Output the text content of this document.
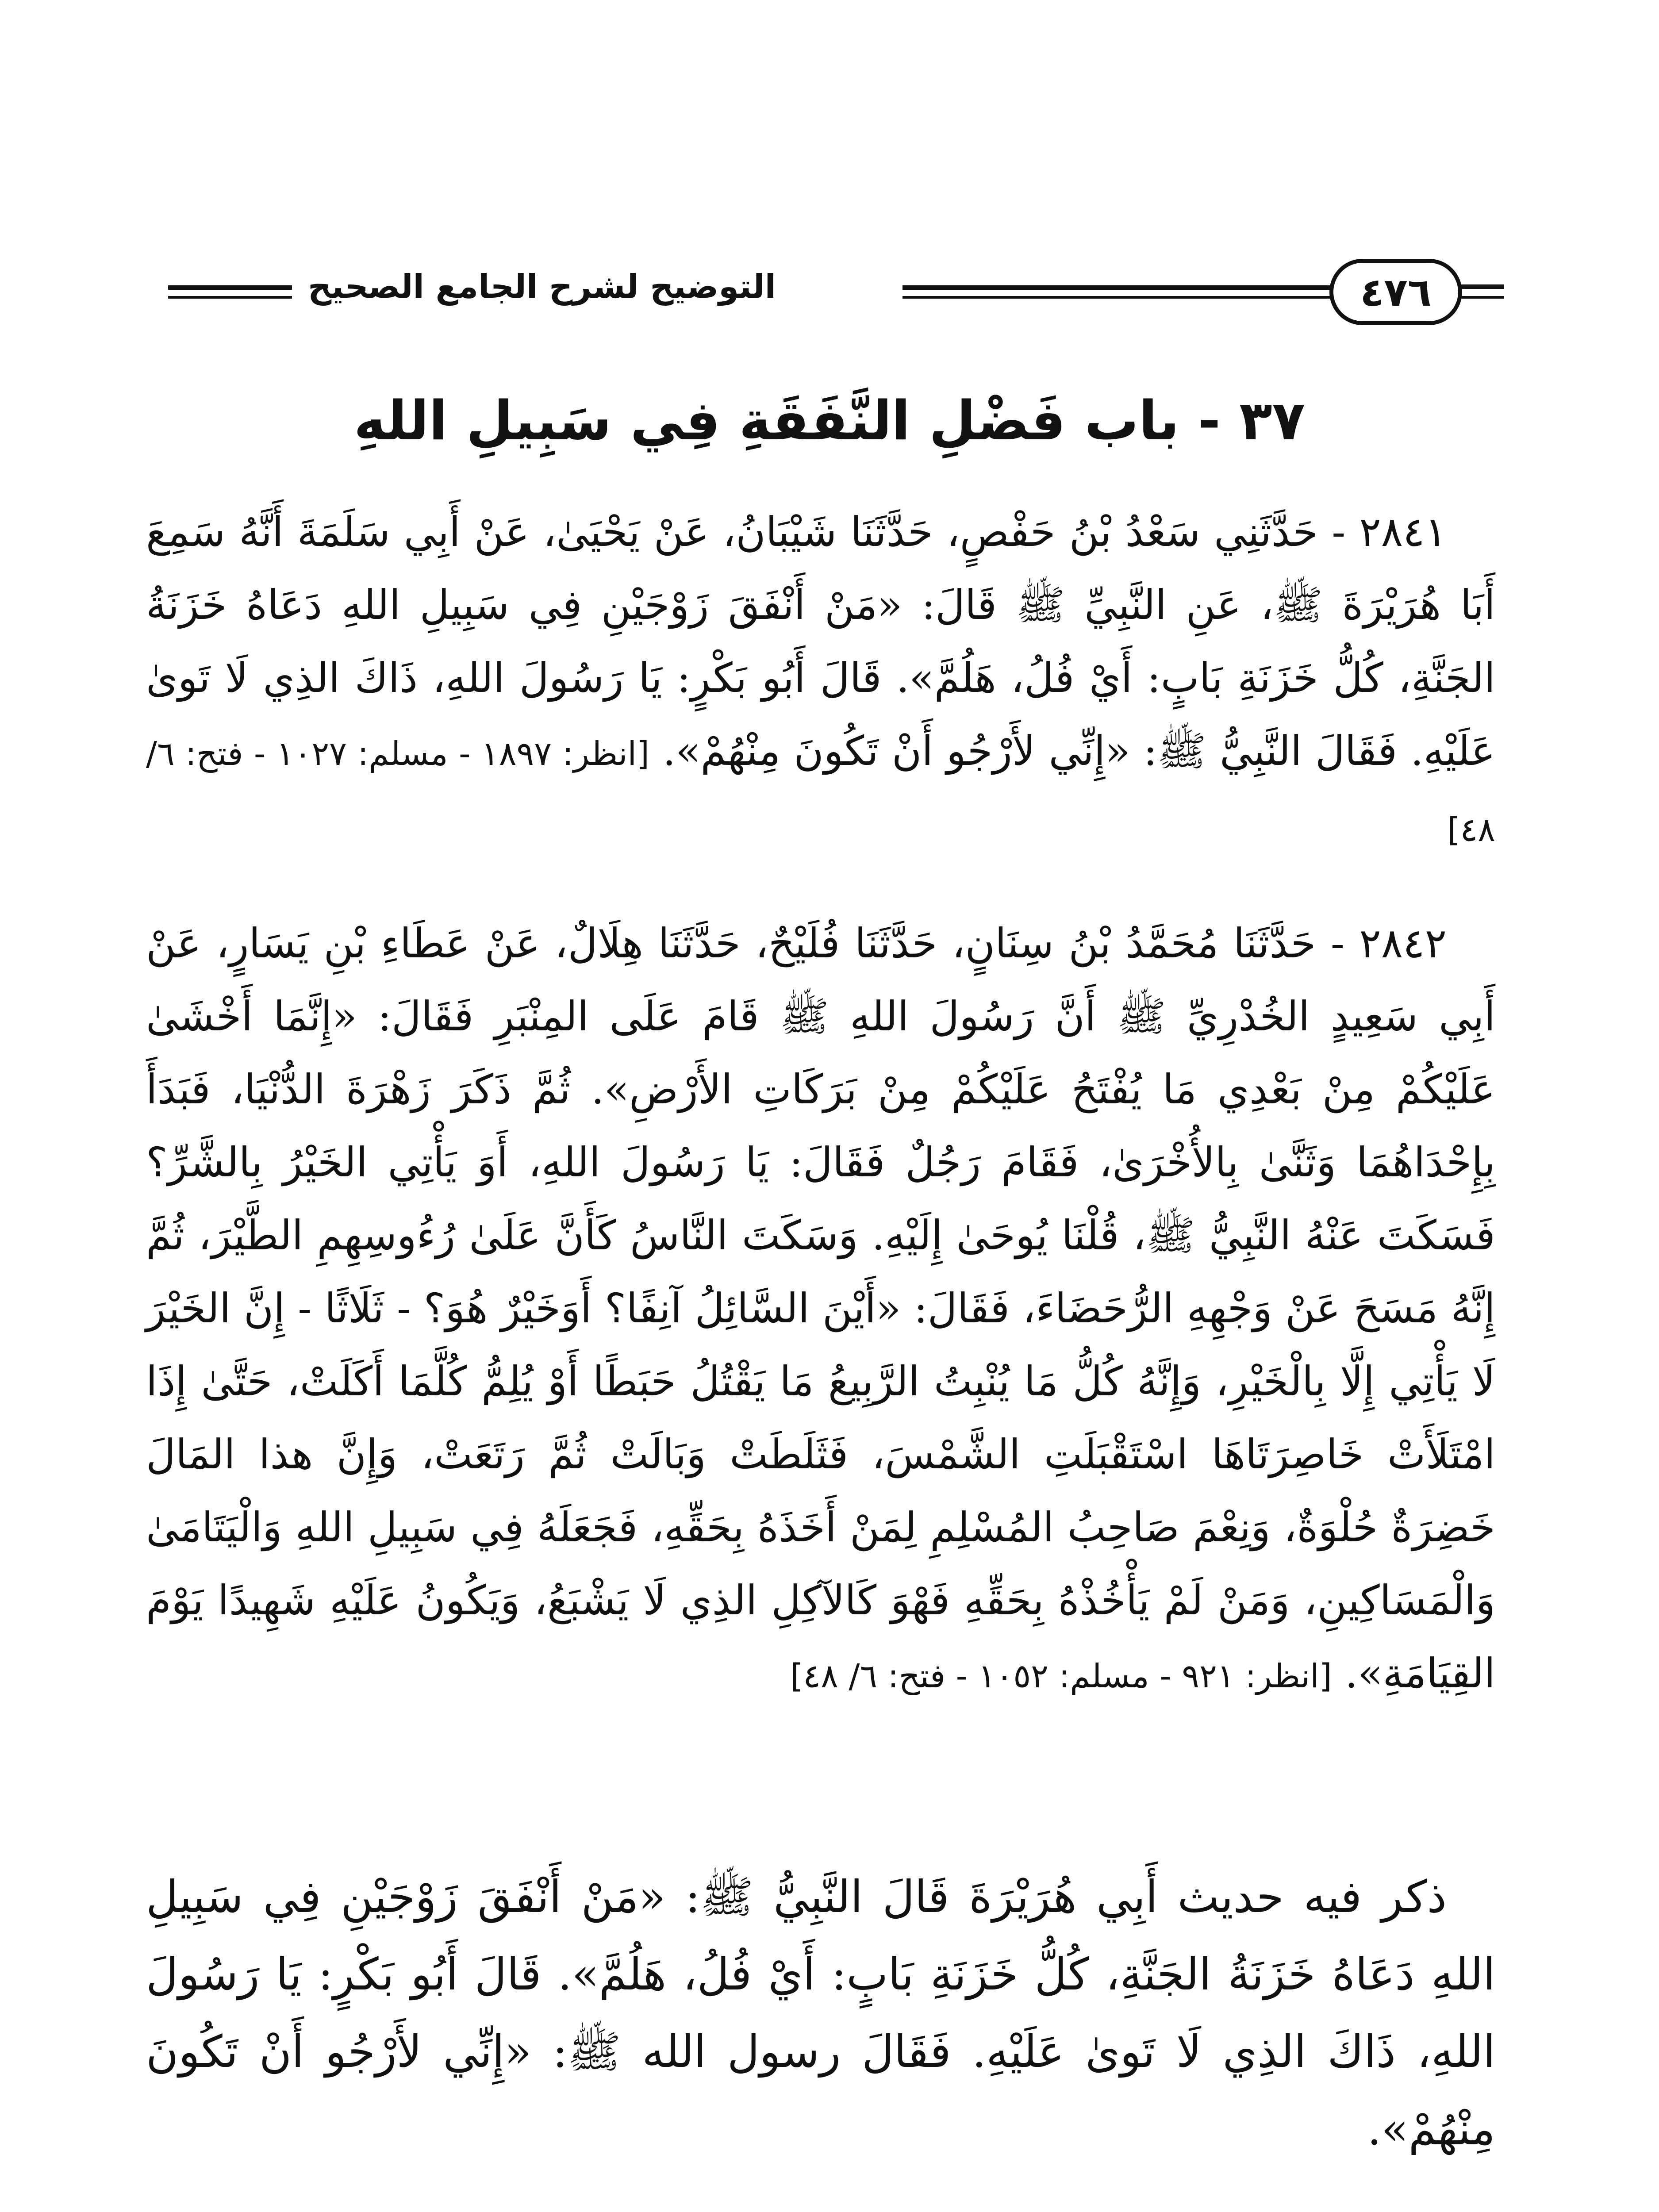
التوضيح لشرح الجامع الصحيح	٤٧٦
٣٧ - باب فَضْلِ النَّفَقَةِ فِي سَبِيلِ اللهِ

٢٨٤١ - حَدَّثَنِي سَعْدُ بْنُ حَفْصٍ، حَدَّثَنَا شَيْبَانُ، عَنْ يَحْيَىٰ، عَنْ أَبِي سَلَمَةَ أَنَّهُ سَمِعَ أَبَا هُرَيْرَةَ ﷺ، عَنِ النَّبِيِّ ﷺ قَالَ: «مَنْ أَنْفَقَ زَوْجَيْنِ فِي سَبِيلِ اللهِ دَعَاهُ خَزَنَةُ الجَنَّةِ، كُلُّ خَزَنَةِ بَابٍ: أَيْ فُلُ، هَلُمَّ». قَالَ أَبُو بَكْرٍ: يَا رَسُولَ اللهِ، ذَاكَ الذِي لَا تَوىٰ عَلَيْهِ. فَقَالَ النَّبِيُّ ﷺ: «إِنِّي لأَرْجُو أَنْ تَكُونَ مِنْهُمْ». [انظر: ١٨٩٧ - مسلم: ١٠٢٧ - فتح: ٦/ ٤٨]

٢٨٤٢ - حَدَّثَنَا مُحَمَّدُ بْنُ سِنَانٍ، حَدَّثَنَا فُلَيْحٌ، حَدَّثَنَا هِلَالٌ، عَنْ عَطَاءِ بْنِ يَسَارٍ، عَنْ أَبِي سَعِيدٍ الخُدْرِيِّ ﷺ أَنَّ رَسُولَ اللهِ ﷺ قَامَ عَلَى المِنْبَرِ فَقَالَ: «إِنَّمَا أَخْشَىٰ عَلَيْكُمْ مِنْ بَعْدِي مَا يُفْتَحُ عَلَيْكُمْ مِنْ بَرَكَاتِ الأَرْضِ». ثُمَّ ذَكَرَ زَهْرَةَ الدُّنْيَا، فَبَدَأَ بِإِحْدَاهُمَا وَثَنَّىٰ بِالأُخْرَىٰ، فَقَامَ رَجُلٌ فَقَالَ: يَا رَسُولَ اللهِ، أَوَ يَأْتِي الخَيْرُ بِالشَّرِّ؟ فَسَكَتَ عَنْهُ النَّبِيُّ ﷺ، قُلْنَا يُوحَىٰ إِلَيْهِ. وَسَكَتَ النَّاسُ كَأَنَّ عَلَىٰ رُءُوسِهِمِ الطَّيْرَ، ثُمَّ إِنَّهُ مَسَحَ عَنْ وَجْهِهِ الرُّحَضَاءَ، فَقَالَ: «أَيْنَ السَّائِلُ آنِفًا؟ أَوَخَيْرٌ هُوَ؟ - ثَلَاثًا - إِنَّ الخَيْرَ لَا يَأْتِي إِلَّا بِالْخَيْرِ، وَإِنَّهُ كُلُّ مَا يُنْبِتُ الرَّبِيعُ مَا يَقْتُلُ حَبَطًا أَوْ يُلِمُّ كُلَّمَا أَكَلَتْ، حَتَّىٰ إِذَا امْتَلَأَتْ خَاصِرَتَاهَا اسْتَقْبَلَتِ الشَّمْسَ، فَثَلَطَتْ وَبَالَتْ ثُمَّ رَتَعَتْ، وَإِنَّ هذا المَالَ خَضِرَةٌ حُلْوَةٌ، وَنِعْمَ صَاحِبُ المُسْلِمِ لِمَنْ أَخَذَهُ بِحَقِّهِ، فَجَعَلَهُ فِي سَبِيلِ اللهِ وَالْيَتَامَىٰ وَالْمَسَاكِينِ، وَمَنْ لَمْ يَأْخُذْهُ بِحَقِّهِ فَهْوَ كَالآكِلِ الذِي لَا يَشْبَعُ، وَيَكُونُ عَلَيْهِ شَهِيدًا يَوْمَ القِيَامَةِ». [انظر: ٩٢١ - مسلم: ١٠٥٢ - فتح: ٦/ ٤٨]

ذكر فيه حديث أَبِي هُرَيْرَةَ قَالَ النَّبِيُّ ﷺ: «مَنْ أَنْفَقَ زَوْجَيْنِ فِي سَبِيلِ اللهِ دَعَاهُ خَزَنَةُ الجَنَّةِ، كُلُّ خَزَنَةِ بَابٍ: أَيْ فُلُ، هَلُمَّ». قَالَ أَبُو بَكْرٍ: يَا رَسُولَ اللهِ، ذَاكَ الذِي لَا تَوىٰ عَلَيْهِ. فَقَالَ رسول الله ﷺ: «إِنِّي لأَرْجُو أَنْ تَكُونَ مِنْهُمْ».
